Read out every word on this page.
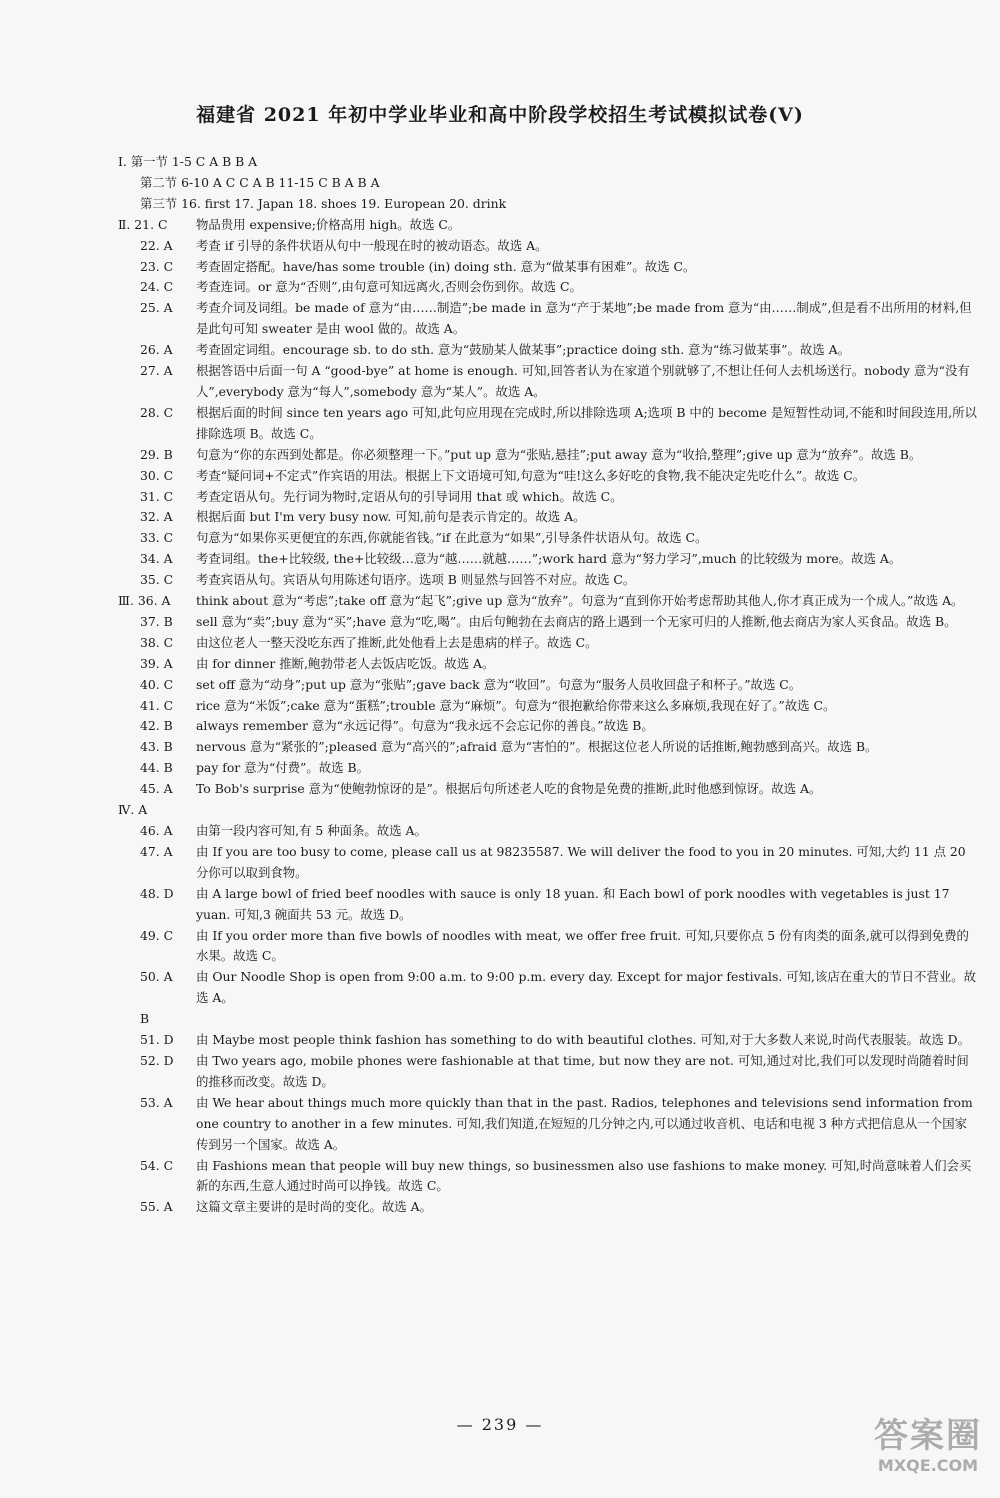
福建省 2021 年初中学业毕业和高中阶段学校招生考试模拟试卷(Ⅴ)
Ⅰ. 第一节 1-5 C A B B A
第二节 6-10 A C C A B 11-15 C B A B A
第三节 16. first 17. Japan 18. shoes 19. European 20. drink
Ⅱ. 21. C	物品贵用 expensive;价格高用 high。故选 C。
22. A	考查 if 引导的条件状语从句中一般现在时的被动语态。故选 A。
23. C	考查固定搭配。have/has some trouble (in) doing sth. 意为“做某事有困难”。故选 C。
24. C	考查连词。or 意为“否则”,由句意可知远离火,否则会伤到你。故选 C。
25. A	考查介词及词组。be made of 意为“由……制造”;be made in 意为“产于某地”;be made from 意为“由……制成”,但是看不出所用的材料,但是此句可知 sweater 是由 wool 做的。故选 A。
26. A	考查固定词组。encourage sb. to do sth. 意为“鼓励某人做某事”;practice doing sth. 意为“练习做某事”。故选 A。
27. A	根据答语中后面一句 A “good-bye” at home is enough. 可知,回答者认为在家道个别就够了,不想让任何人去机场送行。nobody 意为“没有人”,everybody 意为“每人”,somebody 意为“某人”。故选 A。
28. C	根据后面的时间 since ten years ago 可知,此句应用现在完成时,所以排除选项 A;选项 B 中的 become 是短暂性动词,不能和时间段连用,所以排除选项 B。故选 C。
29. B	句意为“你的东西到处都是。你必须整理一下。”put up 意为“张贴,悬挂”;put away 意为“收拾,整理”;give up 意为“放弃”。故选 B。
30. C	考查“疑问词+不定式”作宾语的用法。根据上下文语境可知,句意为“哇!这么多好吃的食物,我不能决定先吃什么”。故选 C。
31. C	考查定语从句。先行词为物时,定语从句的引导词用 that 或 which。故选 C。
32. A	根据后面 but I'm very busy now. 可知,前句是表示肯定的。故选 A。
33. C	句意为“如果你买更便宜的东西,你就能省钱。”if 在此意为“如果”,引导条件状语从句。故选 C。
34. A	考查词组。the+比较级, the+比较级…意为“越……就越……”;work hard 意为“努力学习”,much 的比较级为 more。故选 A。
35. C	考查宾语从句。宾语从句用陈述句语序。选项 B 则显然与回答不对应。故选 C。
Ⅲ. 36. A	think about 意为“考虑”;take off 意为“起飞”;give up 意为“放弃”。句意为“直到你开始考虑帮助其他人,你才真正成为一个成人。”故选 A。
37. B	sell 意为“卖”;buy 意为“买”;have 意为“吃,喝”。由后句鲍勃在去商店的路上遇到一个无家可归的人推断,他去商店为家人买食品。故选 B。
38. C	由这位老人一整天没吃东西了推断,此处他看上去是患病的样子。故选 C。
39. A	由 for dinner 推断,鲍勃带老人去饭店吃饭。故选 A。
40. C	set off 意为“动身”;put up 意为“张贴”;gave back 意为“收回”。句意为“服务人员收回盘子和杯子。”故选 C。
41. C	rice 意为“米饭”;cake 意为“蛋糕”;trouble 意为“麻烦”。句意为“很抱歉给你带来这么多麻烦,我现在好了。”故选 C。
42. B	always remember 意为“永远记得”。句意为“我永远不会忘记你的善良。”故选 B。
43. B	nervous 意为“紧张的”;pleased 意为“高兴的”;afraid 意为“害怕的”。根据这位老人所说的话推断,鲍勃感到高兴。故选 B。
44. B	pay for 意为“付费”。故选 B。
45. A	To Bob's surprise 意为“使鲍勃惊讶的是”。根据后句所述老人吃的食物是免费的推断,此时他感到惊讶。故选 A。
Ⅳ. A
46. A	由第一段内容可知,有 5 种面条。故选 A。
47. A	由 If you are too busy to come, please call us at 98235587. We will deliver the food to you in 20 minutes. 可知,大约 11 点 20 分你可以取到食物。
48. D	由 A large bowl of fried beef noodles with sauce is only 18 yuan. 和 Each bowl of pork noodles with vegetables is just 17 yuan. 可知,3 碗面共 53 元。故选 D。
49. C	由 If you order more than five bowls of noodles with meat, we offer free fruit. 可知,只要你点 5 份有肉类的面条,就可以得到免费的水果。故选 C。
50. A	由 Our Noodle Shop is open from 9:00 a.m. to 9:00 p.m. every day. Except for major festivals. 可知,该店在重大的节日不营业。故选 A。
B
51. D	由 Maybe most people think fashion has something to do with beautiful clothes. 可知,对于大多数人来说,时尚代表服装。故选 D。
52. D	由 Two years ago, mobile phones were fashionable at that time, but now they are not. 可知,通过对比,我们可以发现时尚随着时间的推移而改变。故选 D。
53. A	由 We hear about things much more quickly than that in the past. Radios, telephones and televisions send information from one country to another in a few minutes. 可知,我们知道,在短短的几分钟之内,可以通过收音机、电话和电视 3 种方式把信息从一个国家传到另一个国家。故选 A。
54. C	由 Fashions mean that people will buy new things, so businessmen also use fashions to make money. 可知,时尚意味着人们会买新的东西,生意人通过时尚可以挣钱。故选 C。
55. A	这篇文章主要讲的是时尚的变化。故选 A。
— 239 —	答案圈
MXQE.COM
